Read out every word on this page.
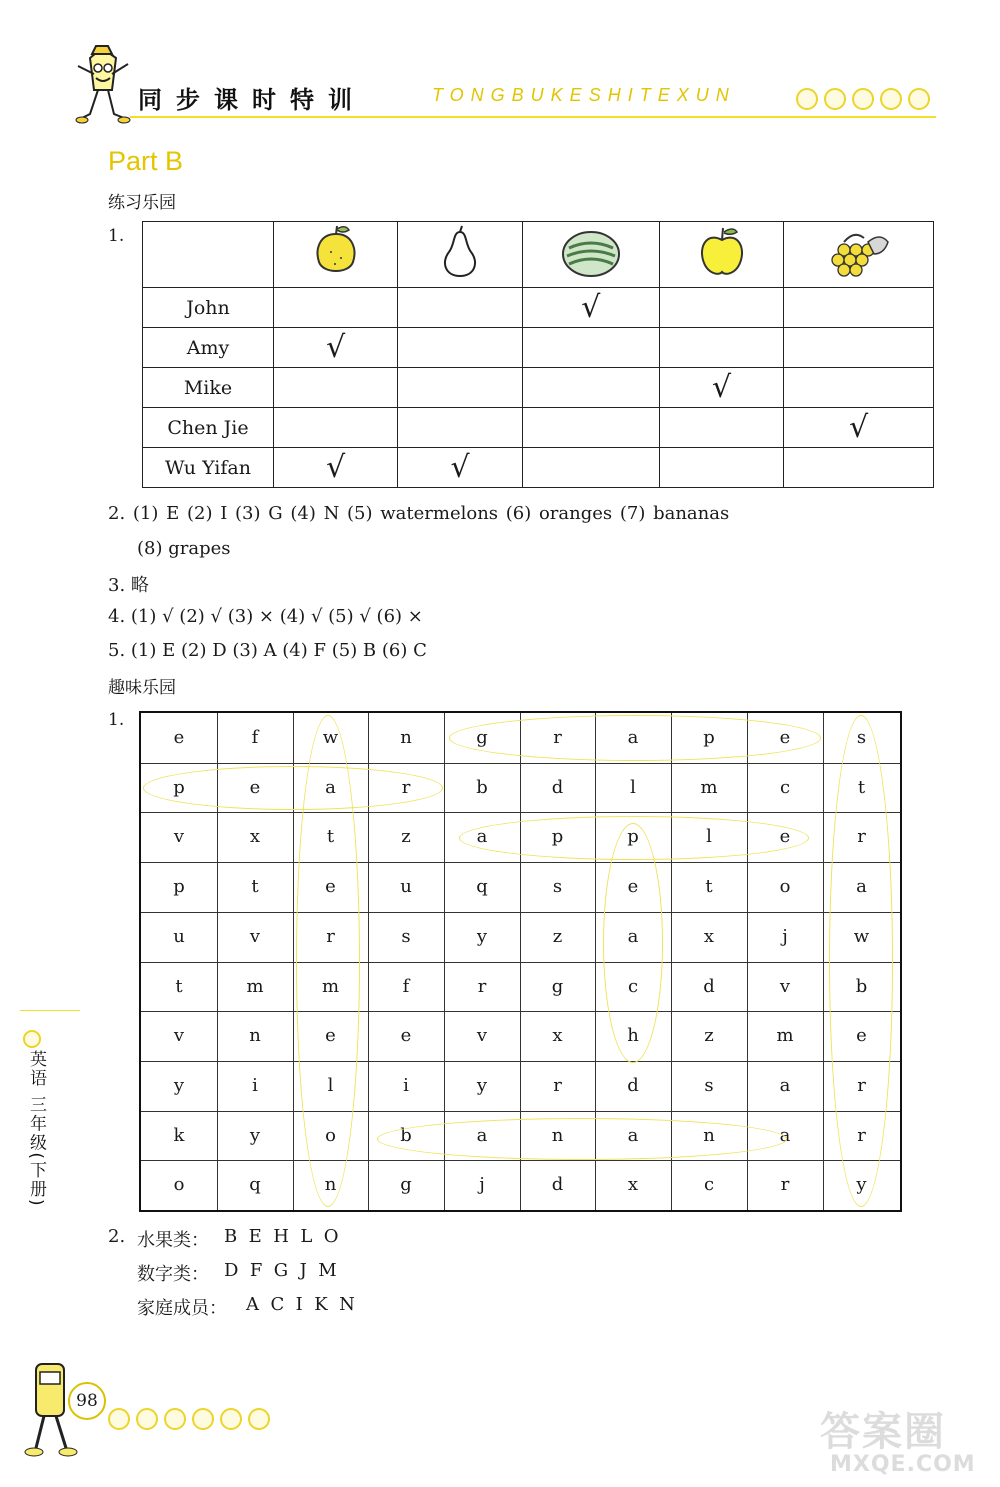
同步课时特训	TONGBUKESHITEXUN
Part B
练习乐园
1.

John			√		
Amy	√				
Mike				√	
Chen Jie					√
Wu Yifan	√	√			
2. (1) E (2) I (3) G (4) N (5) watermelons (6) oranges (7) bananas
(8) grapes
3. 略
4. (1) √ (2) √ (3) × (4) √ (5) √ (6) ×
5. (1) E (2) D (3) A (4) F (5) B (6) C
趣味乐园
1.
e	f	w	n	g	r	a	p	e	s
p	e	a	r	b	d	l	m	c	t
v	x	t	z	a	p	p	l	e	r
p	t	e	u	q	s	e	t	o	a
u	v	r	s	y	z	a	x	j	w
t	m	m	f	r	g	c	d	v	b
v	n	e	e	v	x	h	z	m	e
y	i	l	i	y	r	d	s	a	r
k	y	o	b	a	n	a	n	a	r
o	q	n	g	j	d	x	c	r	y
2. 水果类： B  E  H  L  O
数字类： D  F  G  J  M
家庭成员： A  C  I  K  N
英语 三年级(下册)
98
答案圈
MXQE.COM
